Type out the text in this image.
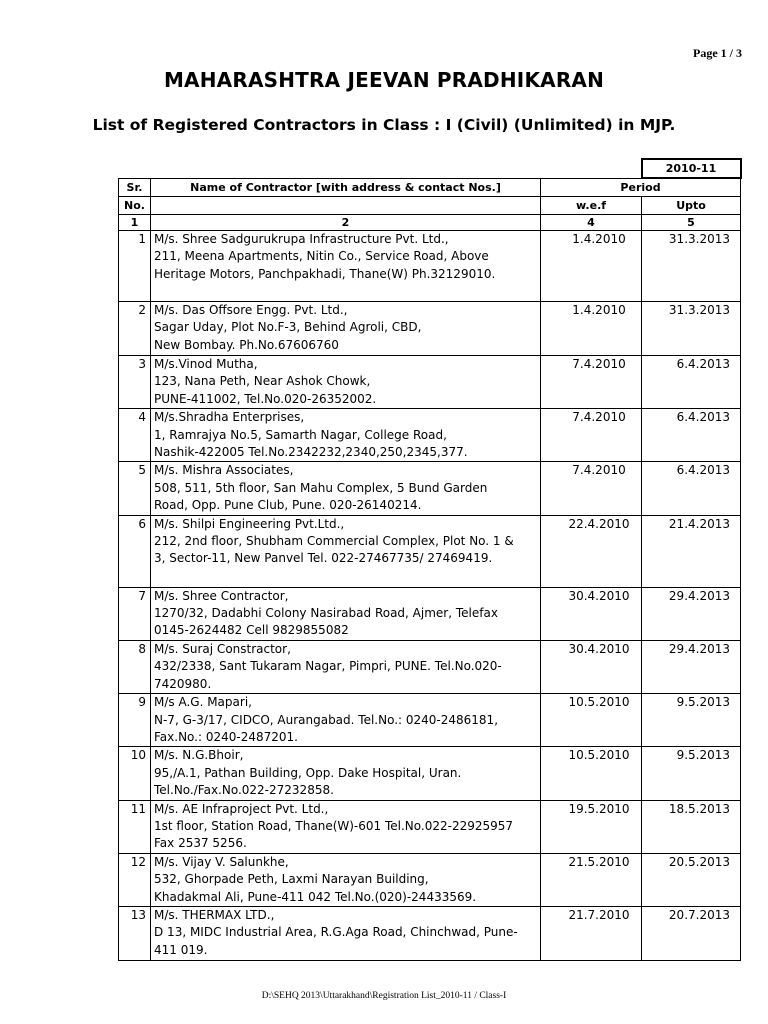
Page 1 / 3
MAHARASHTRA JEEVAN PRADHIKARAN
List of Registered Contractors in Class : I (Civil) (Unlimited) in MJP.
			2010-11
Sr.	Name of Contractor [with address & contact Nos.]	Period	
No.		w.e.f	Upto
1	2	4	5
1	M/s. Shree Sadgurukrupa Infrastructure Pvt. Ltd.,
211, Meena Apartments, Nitin Co., Service Road, Above
Heritage Motors, Panchpakhadi, Thane(W) Ph.32129010.	1.4.2010	31.3.2013
2	M/s. Das Offsore Engg. Pvt. Ltd.,
Sagar Uday, Plot No.F-3, Behind Agroli, CBD,
New Bombay. Ph.No.67606760	1.4.2010	31.3.2013
3	M/s.Vinod Mutha,
123, Nana Peth, Near Ashok Chowk,
PUNE-411002, Tel.No.020-26352002.	7.4.2010	6.4.2013
4	M/s.Shradha Enterprises,
1, Ramrajya No.5, Samarth Nagar, College Road,
Nashik-422005 Tel.No.2342232,2340,250,2345,377.	7.4.2010	6.4.2013
5	M/s. Mishra Associates,
508, 511, 5th floor, San Mahu Complex, 5 Bund Garden
Road, Opp. Pune Club, Pune. 020-26140214.	7.4.2010	6.4.2013
6	M/s. Shilpi Engineering Pvt.Ltd.,
212, 2nd floor, Shubham Commercial Complex, Plot No. 1 &
3, Sector-11, New Panvel Tel. 022-27467735/ 27469419.	22.4.2010	21.4.2013
7	M/s. Shree Contractor,
1270/32, Dadabhi Colony Nasirabad Road, Ajmer, Telefax
0145-2624482 Cell 9829855082	30.4.2010	29.4.2013
8	M/s. Suraj Constractor,
432/2338, Sant Tukaram Nagar, Pimpri, PUNE. Tel.No.020-
7420980.	30.4.2010	29.4.2013
9	M/s A.G. Mapari,
N-7, G-3/17, CIDCO, Aurangabad. Tel.No.: 0240-2486181,
Fax.No.: 0240-2487201.	10.5.2010	9.5.2013
10	M/s. N.G.Bhoir,
95,/A.1, Pathan Building, Opp. Dake Hospital, Uran.
Tel.No./Fax.No.022-27232858.	10.5.2010	9.5.2013
11	M/s. AE Infraproject Pvt. Ltd.,
1st floor, Station Road, Thane(W)-601 Tel.No.022-22925957
Fax 2537 5256.	19.5.2010	18.5.2013
12	M/s. Vijay V. Salunkhe,
532, Ghorpade Peth, Laxmi Narayan Building,
Khadakmal Ali, Pune-411 042 Tel.No.(020)-24433569.	21.5.2010	20.5.2013
13	M/s. THERMAX LTD.,
D 13, MIDC Industrial Area, R.G.Aga Road, Chinchwad, Pune-
411 019.	21.7.2010	20.7.2013
D:\SEHQ 2013\Uttarakhand\Registration List_2010-11 / Class-I
